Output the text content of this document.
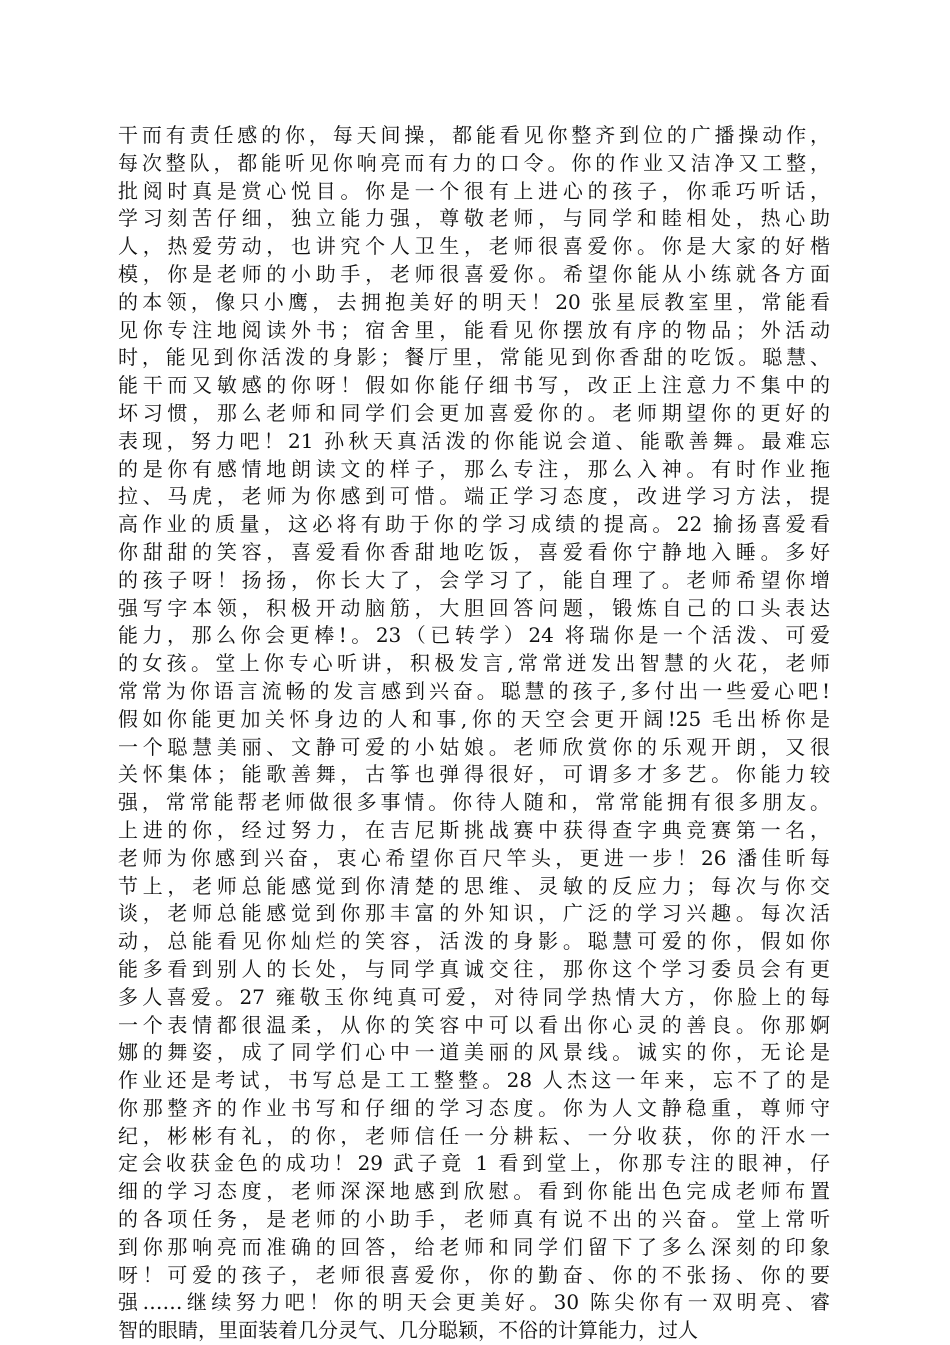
干而有责任感的你，每天间操，都能看见你整齐到位的广播操动作，
每次整队，都能听见你响亮而有力的口令。你的作业又洁净又工整，
批阅时真是赏心悦目。你是一个很有上进心的孩子，你乖巧听话，
学习刻苦仔细，独立能力强，尊敬老师，与同学和睦相处，热心助
人，热爱劳动，也讲究个人卫生，老师很喜爱你。你是大家的好楷
模，你是老师的小助手，老师很喜爱你。希望你能从小练就各方面
的本领，像只小鹰，去拥抱美好的明天！20 张星辰教室里，常能看
见你专注地阅读外书；宿舍里，能看见你摆放有序的物品；外活动
时，能见到你活泼的身影；餐厅里，常能见到你香甜的吃饭。聪慧、
能干而又敏感的你呀！假如你能仔细书写，改正上注意力不集中的
坏习惯，那么老师和同学们会更加喜爱你的。老师期望你的更好的
表现，努力吧！21 孙秋天真活泼的你能说会道、能歌善舞。最难忘
的是你有感情地朗读文的样子，那么专注，那么入神。有时作业拖
拉、马虎，老师为你感到可惜。端正学习态度，改进学习方法，提
高作业的质量，这必将有助于你的学习成绩的提高。22 揄扬喜爱看
你甜甜的笑容，喜爱看你香甜地吃饭，喜爱看你宁静地入睡。多好
的孩子呀！扬扬，你长大了，会学习了，能自理了。老师希望你增
强写字本领，积极开动脑筋，大胆回答问题，锻炼自己的口头表达
能力，那么你会更棒!。23（已转学）24 将瑞你是一个活泼、可爱
的女孩。堂上你专心听讲，积极发言,常常迸发出智慧的火花，老师
常常为你语言流畅的发言感到兴奋。聪慧的孩子,多付出一些爱心吧!
假如你能更加关怀身边的人和事,你的天空会更开阔!25 毛出桥你是
一个聪慧美丽、文静可爱的小姑娘。老师欣赏你的乐观开朗，又很
关怀集体；能歌善舞，古筝也弹得很好，可谓多才多艺。你能力较
强，常常能帮老师做很多事情。你待人随和，常常能拥有很多朋友。
上进的你，经过努力，在吉尼斯挑战赛中获得查字典竞赛第一名，
老师为你感到兴奋，衷心希望你百尺竿头，更进一步！26 潘佳昕每
节上，老师总能感觉到你清楚的思维、灵敏的反应力；每次与你交
谈，老师总能感觉到你那丰富的外知识，广泛的学习兴趣。每次活
动，总能看见你灿烂的笑容，活泼的身影。聪慧可爱的你，假如你
能多看到别人的长处，与同学真诚交往，那你这个学习委员会有更
多人喜爱。27 雍敬玉你纯真可爱，对待同学热情大方，你脸上的每
一个表情都很温柔，从你的笑容中可以看出你心灵的善良。你那婀
娜的舞姿，成了同学们心中一道美丽的风景线。诚实的你，无论是
作业还是考试，书写总是工工整整。28 人杰这一年来，忘不了的是
你那整齐的作业书写和仔细的学习态度。你为人文静稳重，尊师守
纪，彬彬有礼，的你，老师信任一分耕耘、一分收获，你的汗水一
定会收获金色的成功！29 武子竟 1 看到堂上，你那专注的眼神，仔
细的学习态度，老师深深地感到欣慰。看到你能出色完成老师布置
的各项任务，是老师的小助手，老师真有说不出的兴奋。堂上常听
到你那响亮而准确的回答，给老师和同学们留下了多么深刻的印象
呀！可爱的孩子，老师很喜爱你，你的勤奋、你的不张扬、你的要
强……继续努力吧！你的明天会更美好。30 陈尖你有一双明亮、睿
智的眼睛，里面装着几分灵气、几分聪颖，不俗的计算能力，过人
